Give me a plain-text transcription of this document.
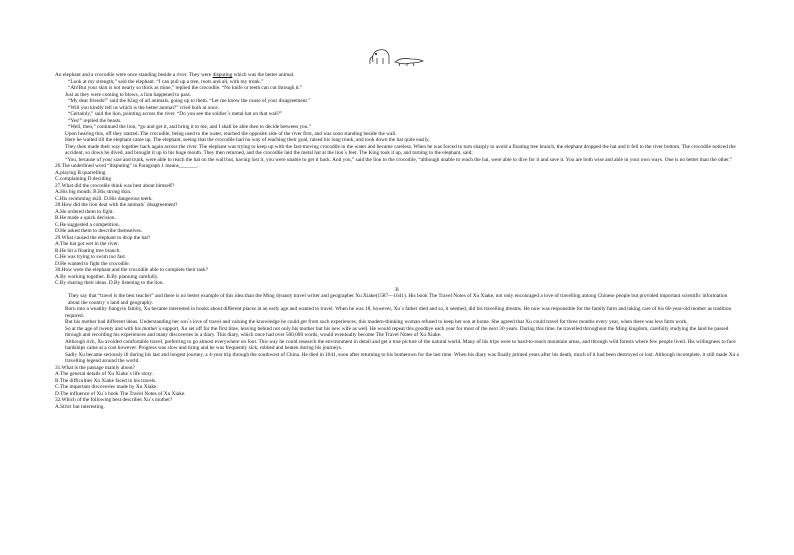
An elephant and a crocodile were once standing beside a river. They were disputing which was the better animal.
“Look at my strength,” said the elephant. “I can pull up a tree, roots and all, with my trunk.”
“Ah!But your skin is not nearly so thick as mine,” replied the crocodile. “No knife or teeth can cut through it.”
Just as they were coming to blows, a lion happened to pass.
“My dear friends!” said the King of all animals, going up to them. “Let me know the cause of your disagreement.”
“Will you kindly tell us which is the better animal?” cried both at once.
“Certainly,” said the lion, pointing across the river. “Do you see the soldier´s metal hat on that wall?”
“Yes!” replied the beasts.
“Well, then,” continued the lion, “go and get it, and bring it to me, and I shall be able then to decide between you.”
Upon hearing this, off they started. The crocodile, being used to the water, reached the opposite side of the river first, and was soon standing beside the wall.
Here he waited till the elephant came up. The elephant, seeing that the crocodile had no way of reaching their goal, raised his long trunk, and took down the hat quite easily.
They then made their way together back again across the river. The elephant was trying to keep up with the fast-moving crocodile in the water and became careless. When he was forced to turn sharply to avoid a floating tree branch, the elephant dropped the hat and it fell to the river bottom. The crocodile noticed the accident, so down he dived, and brought it up in his huge mouth. They then returned, and the crocodile laid the metal hat at the lion´s feet. The King took it up, and turning to the elephant, said:
“You, because of your size and trunk, were able to reach the hat on the wall but, having lost it, you were unable to get it back. And you,” said the lion to the crocodile, “although unable to reach the hat, were able to dive for it and save it. You are both wise and able in your own ways. One is no better than the other.”
26.The underlined word “disputing” in Paragraph 1 means_______.
A.playing B.quarrelling
C.complaining D.deciding
27.What did the crocodile think was best about himself?
A.His big mouth. B.His strong skin.
C.His swimming skill. D.His dangerous teeth.
28.How did the lion deal with the animals´ disagreement?
A.He ordered them to fight.
B.He made a quick decision.
C.He suggested a competition.
D.He asked them to describe themselves.
29.What caused the elephant to drop the hat?
A.The hat got wet in the river.
B.He hit a floating tree branch.
C.He was trying to swim too fast.
D.He wanted to fight the crocodile.
30.How were the elephant and the crocodile able to complete their task?
A.By working together. B.By planning carefully.
C.By sharing their ideas. D.By listening to the lion.
B
They say that “travel is the best teacher” and there is no better example of this idea than the Ming dynasty travel writer and geographer Xu Xiake(1587—1641). His book The Travel Notes of Xu Xiake, not only encouraged a love of travelling among Chinese people but provided important scientific information about the country´s land and geography.
Born into a wealthy Jiangyin family, Xu became interested in books about different places at an early age and wanted to travel. When he was 18, however, Xu´s father died and so, it seemed, did his travelling dreams. He now was responsible for the family farm and taking care of his 60-year-old mother as tradition required.
But his mother had different ideas. Understanding her son´s love of travel and valuing the knowledge he could get from such experiences, this modern-thinking woman refused to keep her son at home. She agreed that Xu could travel for three months every year, when there was less farm work.
So at the age of twenty and with his mother´s support, Xu set off for the first time, leaving behind not only his mother but his new wife as well. He would repeat this goodbye each year for most of the next 30 years. During this time, he travelled throughout the Ming kingdom, carefully studying the land he passed through and recording his experiences and many discoveries in a diary. This diary, which once had over 500,000 words, would eventually become The Travel Notes of Xu Xiake.
Although rich, Xu avoided comfortable travel, preferring to go almost everywhere on foot. This way he could research the environment in detail and get a true picture of the natural world. Many of his trips were to hard-to-reach mountain areas, and through wild forests where few people lived. His willingness to face hardships came at a cost however. Progress was slow and tiring and he was frequently sick, robbed and beaten during his journeys.
Sadly Xu became seriously ill during his last and longest journey, a 4-year trip through the southwest of China. He died in 1641, soon after returning to his hometown for the last time. When his diary was finally printed years after his death, much of it had been destroyed or lost. Although incomplete, it still made Xu a travelling legend around the world.
31.What is the passage mainly about?
A.The general details of Xu Xiake´s life story.
B.The difficulties Xu Xiake faced in his travels.
C.The important discoveries made by Xu Xiake.
D.The influence of Xu´s book The Travel Notes of Xu Xiake.
32.Which of the following best describes Xu´s mother?
A.Strict but interesting.
